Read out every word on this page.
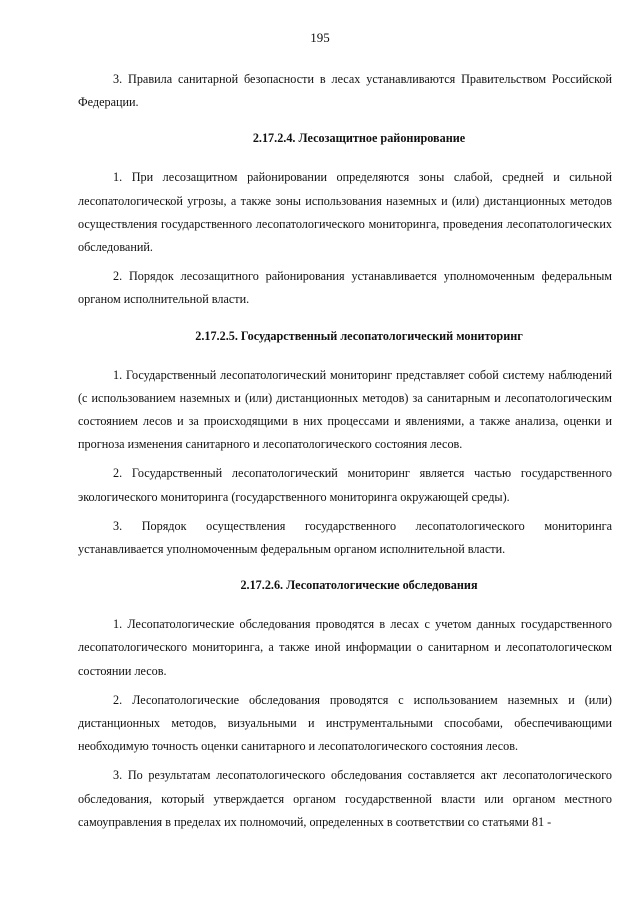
195

3. Правила санитарной безопасности в лесах устанавливаются Правительством Российской Федерации.

2.17.2.4. Лесозащитное районирование

1. При лесозащитном районировании определяются зоны слабой, средней и сильной лесопатологической угрозы, а также зоны использования наземных и (или) дистанционных методов осуществления государственного лесопатологического мониторинга, проведения лесопатологических обследований.

2. Порядок лесозащитного районирования устанавливается уполномоченным федеральным органом исполнительной власти.

2.17.2.5. Государственный лесопатологический мониторинг

1. Государственный лесопатологический мониторинг представляет собой систему наблюдений (с использованием наземных и (или) дистанционных методов) за санитарным и лесопатологическим состоянием лесов и за происходящими в них процессами и явлениями, а также анализа, оценки и прогноза изменения санитарного и лесопатологического состояния лесов.

2. Государственный лесопатологический мониторинг является частью государственного экологического мониторинга (государственного мониторинга окружающей среды).

3. Порядок осуществления государственного лесопатологического мониторинга устанавливается уполномоченным федеральным органом исполнительной власти.

2.17.2.6. Лесопатологические обследования

1. Лесопатологические обследования проводятся в лесах с учетом данных государственного лесопатологического мониторинга, а также иной информации о санитарном и лесопатологическом состоянии лесов.

2. Лесопатологические обследования проводятся с использованием наземных и (или) дистанционных методов, визуальными и инструментальными способами, обеспечивающими необходимую точность оценки санитарного и лесопатологического состояния лесов.

3. По результатам лесопатологического обследования составляется акт лесопатологического обследования, который утверждается органом государственной власти или органом местного самоуправления в пределах их полномочий, определенных в соответствии со статьями 81 -
